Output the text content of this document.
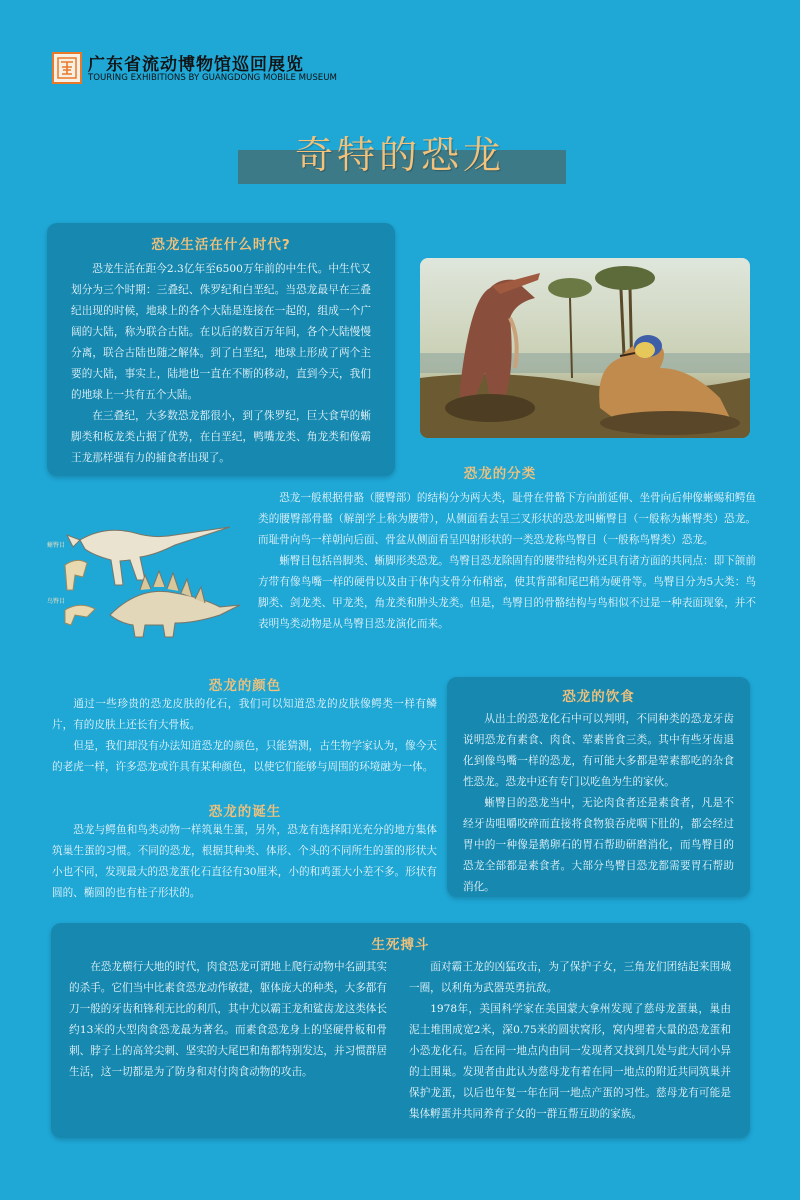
广东省流动博物馆巡回展览
TOURING EXHIBITIONS BY GUANGDONG MOBILE MUSEUM
奇特的恐龙
恐龙生活在什么时代?

恐龙生活在距今2.3亿年至6500万年前的中生代。中生代又划分为三个时期：三叠纪、侏罗纪和白垩纪。当恐龙最早在三叠纪出现的时候，地球上的各个大陆是连接在一起的，组成一个广阔的大陆，称为联合古陆。在以后的数百万年间，各个大陆慢慢分离，联合古陆也随之解体。到了白垩纪，地球上形成了两个主要的大陆，事实上，陆地也一直在不断的移动，直到今天，我们的地球上一共有五个大陆。

在三叠纪，大多数恐龙都很小，到了侏罗纪，巨大食草的蜥脚类和板龙类占据了优势，在白垩纪，鸭嘴龙类、角龙类和像霸王龙那样强有力的捕食者出现了。

恐龙的分类
蜥臀目
鸟臀目

恐龙一般根据骨骼（腰臀部）的结构分为两大类，耻骨在骨骼下方向前延伸、坐骨向后伸像蜥蜴和鳄鱼类的腰臀部骨骼（解剖学上称为腰带），从侧面看去呈三叉形状的恐龙叫蜥臀目（一般称为蜥臀类）恐龙。而耻骨向鸟一样朝向后面、骨盆从侧面看呈四射形状的一类恐龙称鸟臀目（一般称鸟臀类）恐龙。

蜥臀目包括兽脚类、蜥脚形类恐龙。鸟臀目恐龙除固有的腰带结构外还具有诸方面的共同点：即下颌前方带有像鸟嘴一样的硬骨以及由于体内支骨分布稍密，使其背部和尾巴稍为硬骨等。鸟臀目分为5大类：鸟脚类、剑龙类、甲龙类，角龙类和肿头龙类。但是，鸟臀目的骨骼结构与鸟相似不过是一种表面现象，并不表明鸟类动物是从鸟臀目恐龙演化而来。

恐龙的颜色

通过一些珍贵的恐龙皮肤的化石，我们可以知道恐龙的皮肤像鳄类一样有鳞片，有的皮肤上还长有大骨板。

但是，我们却没有办法知道恐龙的颜色，只能猜测，古生物学家认为，像今天的老虎一样，许多恐龙或许具有某种颜色，以使它们能够与周围的环境融为一体。

恐龙的诞生

恐龙与鳄鱼和鸟类动物一样筑巢生蛋，另外，恐龙有选择阳光充分的地方集体筑巢生蛋的习惯。不同的恐龙，根据其种类、体形、个头的不同所生的蛋的形状大小也不同，发现最大的恐龙蛋化石直径有30厘米，小的和鸡蛋大小差不多。形状有圆的、椭圆的也有柱子形状的。

恐龙的饮食

从出土的恐龙化石中可以判明，不同种类的恐龙牙齿说明恐龙有素食、肉食、荤素皆食三类。其中有些牙齿退化到像鸟嘴一样的恐龙，有可能大多都是荤素都吃的杂食性恐龙。恐龙中还有专门以吃鱼为生的家伙。

蜥臀目的恐龙当中，无论肉食者还是素食者，凡是不经牙齿咀嚼咬碎而直接将食物狼吞虎咽下肚的，都会经过胃中的一种像是鹅卵石的胃石帮助研磨消化，而鸟臀目的恐龙全部都是素食者。大部分鸟臀目恐龙都需要胃石帮助消化。

生死搏斗

在恐龙横行大地的时代，肉食恐龙可谓地上爬行动物中名副其实的杀手。它们当中比素食恐龙动作敏捷，躯体庞大的种类，大多都有刀一般的牙齿和锋利无比的利爪，其中尤以霸王龙和鲨齿龙这类体长约13米的大型肉食恐龙最为著名。而素食恐龙身上的坚硬骨板和骨刺、脖子上的高耸尖刺、坚实的大尾巴和角都特别发达，并习惯群居生活，这一切都是为了防身和对付肉食动物的攻击。

面对霸王龙的凶猛攻击，为了保护子女，三角龙们团结起来围城一圈，以利角为武器英勇抗敌。

1978年，美国科学家在美国蒙大拿州发现了慈母龙蛋巢，巢由泥土堆围成宽2米，深0.75米的圆状窝形，窝内埋着大量的恐龙蛋和小恐龙化石。后在同一地点内由同一发现者又找到几处与此大同小异的土围巢。发现者由此认为慈母龙有着在同一地点的附近共同筑巢并保护龙蛋，以后也年复一年在同一地点产蛋的习性。慈母龙有可能是集体孵蛋并共同养育子女的一群互帮互助的家族。
